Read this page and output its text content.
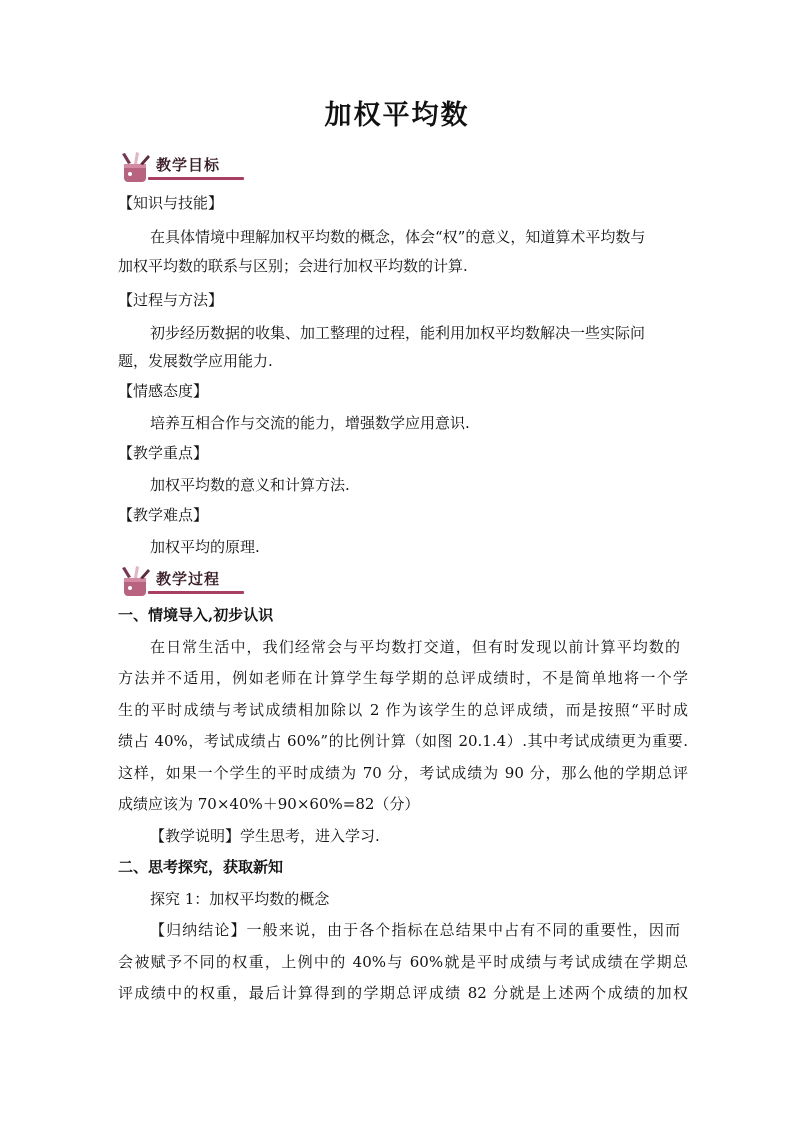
加权平均数
教学目标
【知识与技能】
在具体情境中理解加权平均数的概念，体会“权”的意义，知道算术平均数与
加权平均数的联系与区别；会进行加权平均数的计算.
【过程与方法】
初步经历数据的收集、加工整理的过程，能利用加权平均数解决一些实际问
题，发展数学应用能力.
【情感态度】
培养互相合作与交流的能力，增强数学应用意识.
【教学重点】
加权平均数的意义和计算方法.
【教学难点】
加权平均的原理.
教学过程
一、情境导入,初步认识
在日常生活中，我们经常会与平均数打交道，但有时发现以前计算平均数的
方法并不适用，例如老师在计算学生每学期的总评成绩时，不是简单地将一个学
生的平时成绩与考试成绩相加除以 2 作为该学生的总评成绩，而是按照“平时成
绩占 40%，考试成绩占 60%”的比例计算（如图 20.1.4）.其中考试成绩更为重要.
这样，如果一个学生的平时成绩为 70 分，考试成绩为 90 分，那么他的学期总评
成绩应该为 70×40%＋90×60%=82（分）
【教学说明】学生思考，进入学习.
二、思考探究，获取新知
探究 1：加权平均数的概念
【归纳结论】一般来说，由于各个指标在总结果中占有不同的重要性，因而
会被赋予不同的权重，上例中的 40%与 60%就是平时成绩与考试成绩在学期总
评成绩中的权重，最后计算得到的学期总评成绩 82 分就是上述两个成绩的加权
